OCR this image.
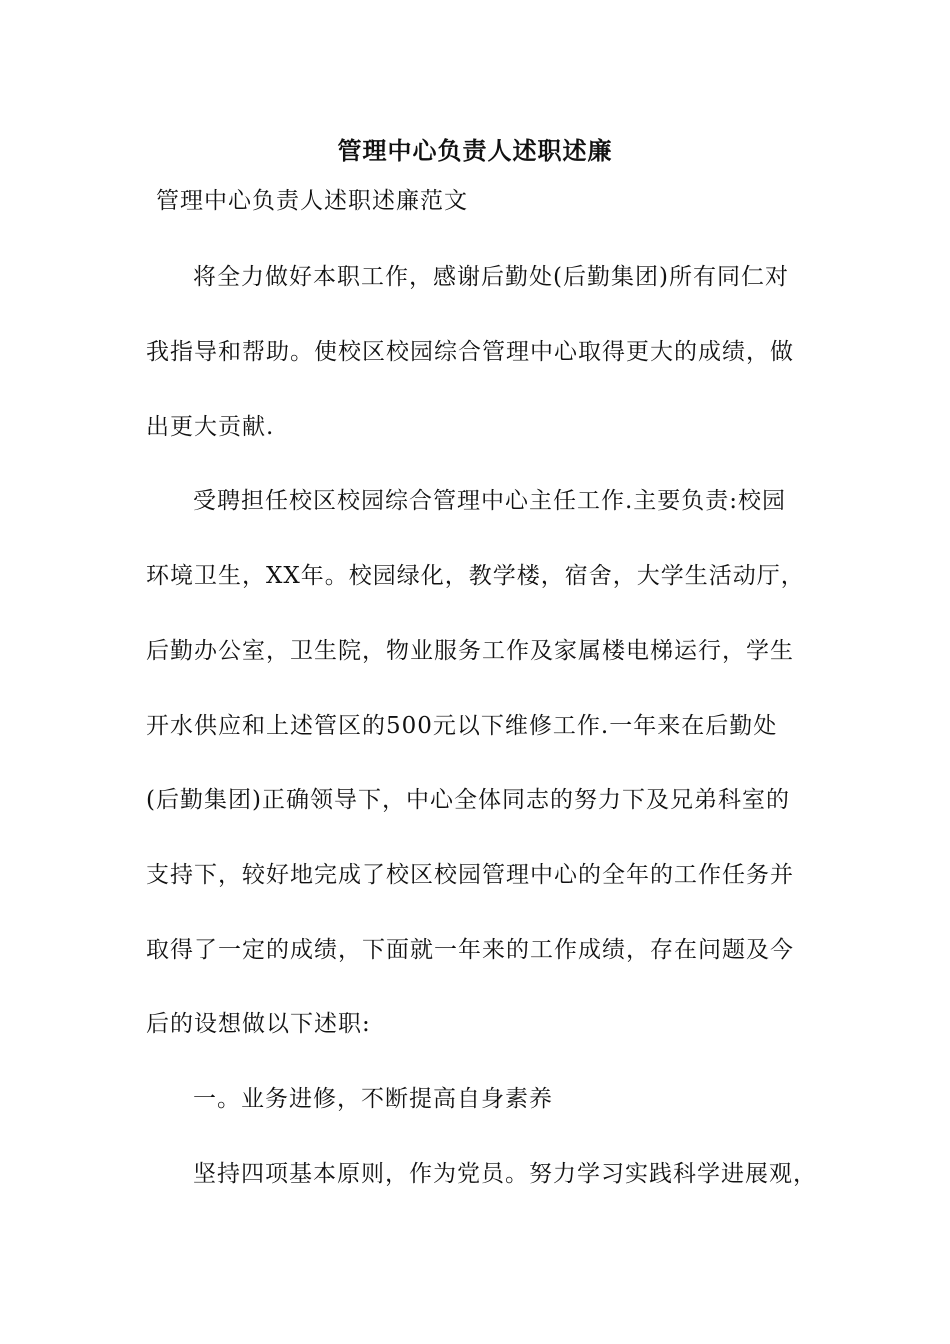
管理中心负责人述职述廉
管理中心负责人述职述廉范文
将全力做好本职工作，感谢后勤处(后勤集团)所有同仁对
我指导和帮助。使校区校园综合管理中心取得更大的成绩，做
出更大贡献.
受聘担任校区校园综合管理中心主任工作.主要负责:校园
环境卫生，XX年。校园绿化，教学楼，宿舍，大学生活动厅，
后勤办公室，卫生院，物业服务工作及家属楼电梯运行，学生
开水供应和上述管区的500元以下维修工作.一年来在后勤处
(后勤集团)正确领导下，中心全体同志的努力下及兄弟科室的
支持下，较好地完成了校区校园管理中心的全年的工作任务并
取得了一定的成绩，下面就一年来的工作成绩，存在问题及今
后的设想做以下述职:
一。业务进修，不断提高自身素养
坚持四项基本原则，作为党员。努力学习实践科学进展观，
